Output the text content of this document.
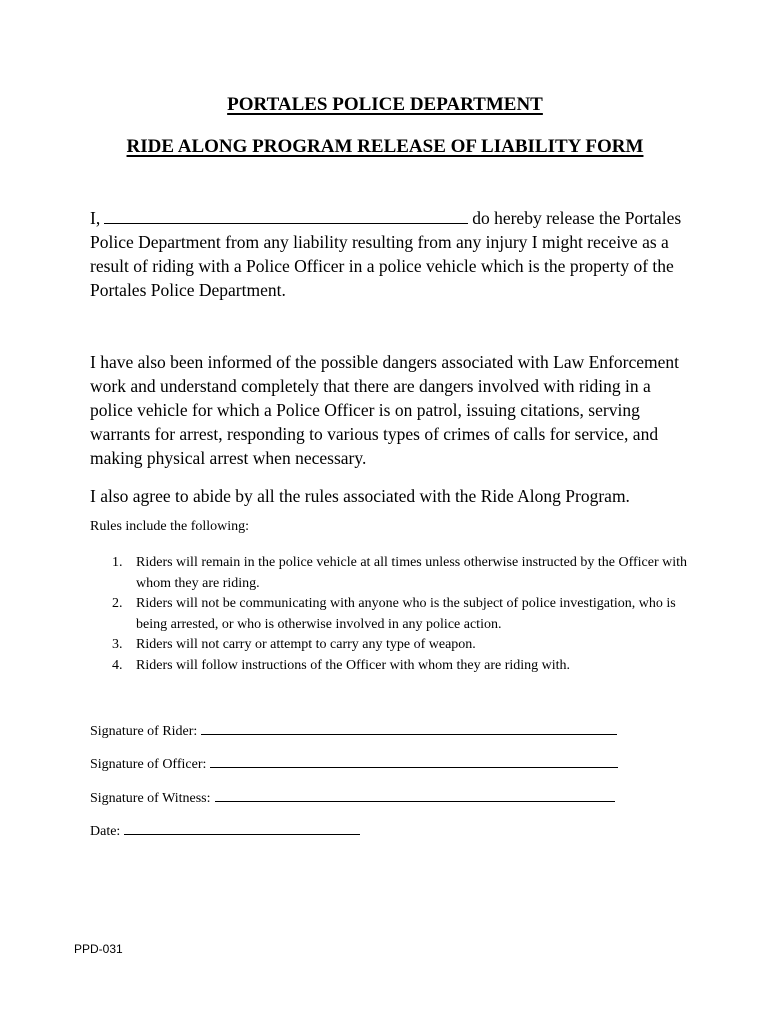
PORTALES POLICE DEPARTMENT
RIDE ALONG PROGRAM RELEASE OF LIABILITY FORM

I,	do hereby release the Portales Police Department from any liability resulting from any injury I might receive as a result of riding with a Police Officer in a police vehicle which is the property of the Portales Police Department.

I have also been informed of the possible dangers associated with Law Enforcement work and understand completely that there are dangers involved with riding in a police vehicle for which a Police Officer is on patrol, issuing citations, serving warrants for arrest, responding to various types of crimes of calls for service, and making physical arrest when necessary.

I also agree to abide by all the rules associated with the Ride Along Program.

Rules include the following:

1. Riders will remain in the police vehicle at all times unless otherwise instructed by the Officer with whom they are riding.
2. Riders will not be communicating with anyone who is the subject of police investigation, who is being arrested, or who is otherwise involved in any police action.
3. Riders will not carry or attempt to carry any type of weapon.
4. Riders will follow instructions of the Officer with whom they are riding with.

Signature of Rider:

Signature of Officer:

Signature of Witness:

Date:

PPD-031
